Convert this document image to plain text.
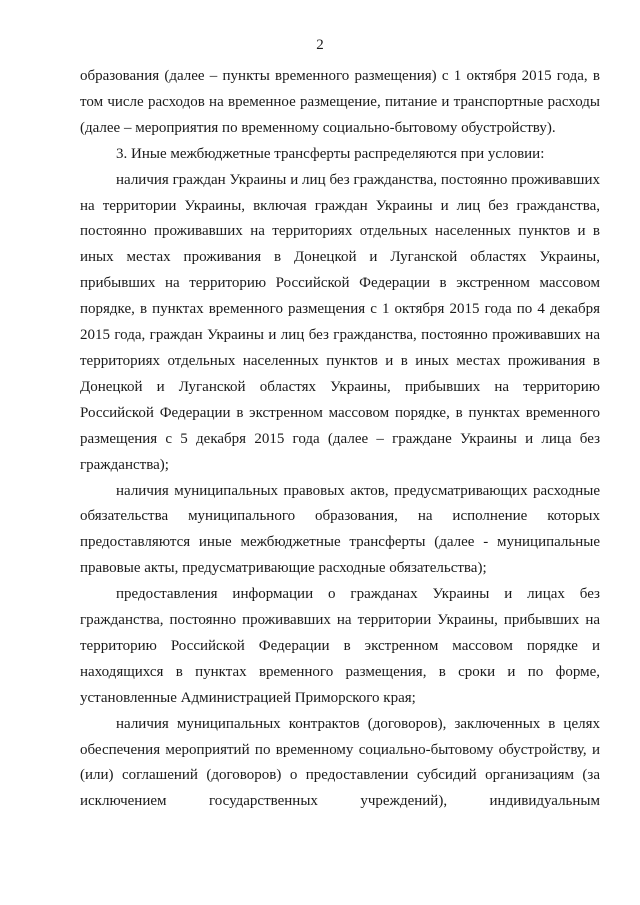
2

образования (далее – пункты временного размещения) с 1 октября 2015 года, в том числе расходов на временное размещение, питание и транспортные расходы (далее – мероприятия по временному социально-бытовому обустройству).

3. Иные межбюджетные трансферты распределяются при условии:

наличия граждан Украины и лиц без гражданства, постоянно проживавших на территории Украины, включая граждан Украины и лиц без гражданства, постоянно проживавших на территориях отдельных населенных пунктов и в иных местах проживания в Донецкой и Луганской областях Украины, прибывших на территорию Российской Федерации в экстренном массовом порядке, в пунктах временного размещения с 1 октября 2015 года по 4 декабря 2015 года, граждан Украины и лиц без гражданства, постоянно проживавших на территориях отдельных населенных пунктов и в иных местах проживания в Донецкой и Луганской областях Украины, прибывших на территорию Российской Федерации в экстренном массовом порядке, в пунктах временного размещения с 5 декабря 2015 года (далее – граждане Украины и лица без гражданства);

наличия муниципальных правовых актов, предусматривающих расходные обязательства муниципального образования, на исполнение которых предоставляются иные межбюджетные трансферты (далее - муниципальные правовые акты, предусматривающие расходные обязательства);

предоставления информации о гражданах Украины и лицах без гражданства, постоянно проживавших на территории Украины, прибывших на территорию Российской Федерации в экстренном массовом порядке и находящихся в пунктах временного размещения, в сроки и по форме, установленные Администрацией Приморского края;

наличия муниципальных контрактов (договоров), заключенных в целях обеспечения мероприятий по временному социально-бытовому обустройству, и (или) соглашений (договоров) о предоставлении субсидий организациям (за исключением государственных учреждений), индивидуальным
